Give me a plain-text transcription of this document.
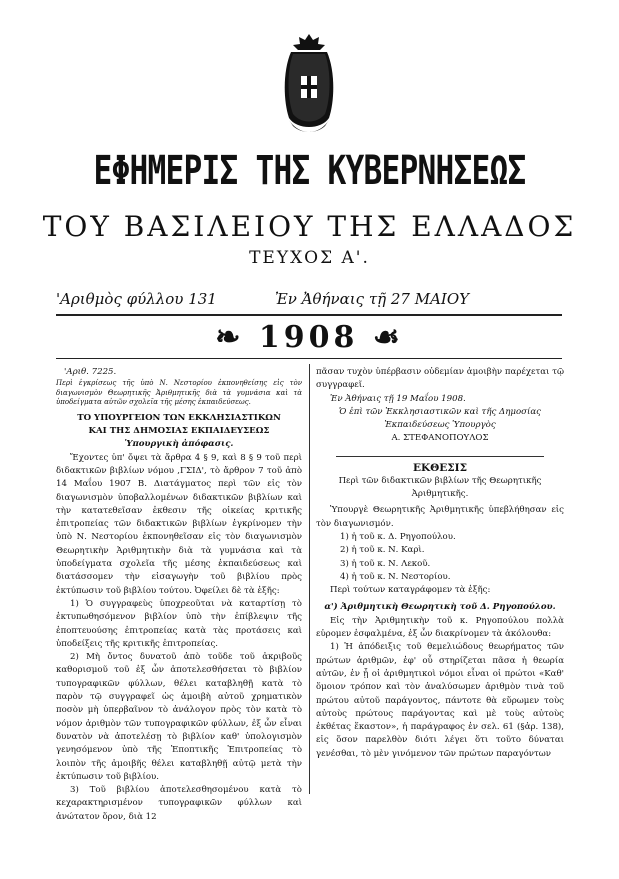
ΕΦΗΜΕΡΙΣ ΤΗΣ ΚΥΒΕΡΝΗΣΕΩΣ
ΤΟΥ ΒΑΣΙΛΕΙΟΥ ΤΗΣ ΕΛΛΑΔΟΣ
ΤΕΥΧΟΣ Α'.
'Αριθμὸς φύλλου 131	Ἐν Ἀθήναις τῇ 27 ΜΑΙΟΥ
❧ 1908 ☙

'Αριθ. 7225.

Περὶ ἐγκρίσεως τῆς ὑπὸ Ν. Νεστορίου ἐκπονηθείσης εἰς τὸν διαγωνισμὸν Θεωρητικῆς Ἀριθμητικῆς διὰ τὰ γυμνάσια καὶ τὰ ὑποδείγματα αὐτῶν σχολεῖα τῆς μέσης ἐκπαιδεύσεως.

ΤΟ ΥΠΟΥΡΓΕΙΟΝ ΤΩΝ ΕΚΚΛΗΣΙΑΣΤΙΚΩΝ

ΚΑΙ ΤΗΣ ΔΗΜΟΣΙΑΣ ΕΚΠΑΙΔΕΥΣΕΩΣ

Ὑπουργικὴ ἀπόφασις.

Ἔχοντες ὑπ' ὄψει τὰ ἄρθρα 4 § 9, καὶ 8 § 9 τοῦ περὶ διδακτικῶν βιβλίων νόμου ,ΓΣΙΔ', τὸ ἄρθρον 7 τοῦ ἀπὸ 14 Μαΐου 1907 Β. Διατάγματος περὶ τῶν εἰς τὸν διαγωνισμὸν ὑποβαλλομένων διδακτικῶν βιβλίων καὶ τὴν κατατεθεῖσαν ἐκθεσιν τῆς οἰκείας κριτικῆς ἐπιτροπείας τῶν διδακτικῶν βιβλίων ἐγκρίνομεν τὴν ὑπὸ Ν. Νεστορίου ἐκπονηθεῖσαν εἰς τὸν διαγωνισμὸν Θεωρητικὴν Ἀριθμητικὴν διὰ τὰ γυμνάσια καὶ τὰ ὑποδείγματα σχολεῖα τῆς μέσης ἐκπαιδεύσεως καὶ διατάσσομεν τὴν εἰσαγωγὴν τοῦ βιβλίου πρὸς ἐκτύπωσιν τοῦ βιβλίου τούτου. Ὀφείλει δὲ τὰ ἑξῆς:

1) Ὁ συγγραφεὺς ὑποχρεοῦται νὰ καταρτίσῃ τὸ ἐκτυπωθησόμενον βιβλίον ὑπὸ τὴν ἐπίβλεψιν τῆς ἐποπτευούσης ἐπιτροπείας κατὰ τὰς προτάσεις καὶ ὑποδείξεις τῆς κριτικῆς ἐπιτροπείας.

2) Μὴ ὄντος δυνατοῦ ἀπὸ τοῦδε τοῦ ἀκριβοῦς καθορισμοῦ τοῦ ἐξ ὧν ἀποτελεσθήσεται τὸ βιβλίον τυπογραφικῶν φύλλων, θέλει καταβληθῇ κατὰ τὸ παρὸν τῷ συγγραφεῖ ὡς ἀμοιβὴ αὐτοῦ χρηματικὸν ποσὸν μὴ ὑπερβαῖνον τὸ ἀνάλογον πρὸς τὸν κατὰ τὸ νόμον ἀριθμὸν τῶν τυπογραφικῶν φύλλων, ἐξ ὧν εἶναι δυνατὸν νὰ ἀποτελέσῃ τὸ βιβλίον καθ' ὑπολογισμὸν γενησόμενον ὑπὸ τῆς Ἐποπτικῆς Ἐπιτροπείας τὸ λοιπὸν τῆς ἀμοιβῆς θέλει καταβληθῇ αὐτῷ μετὰ τὴν ἐκτύπωσιν τοῦ βιβλίου.

3) Τοῦ βιβλίου ἀποτελεσθησομένου κατὰ τὸ κεχαρακτηρισμένον τυπογραφικῶν φύλλων καὶ ἀνώτατον ὅρον, διὰ 12

πᾶσαν τυχὸν ὑπέρβασιν οὐδεμίαν ἀμοιβὴν παρέχεται τῷ συγγραφεῖ.

Ἐν Ἀθήναις τῇ 19 Μαΐου 1908.

Ὁ ἐπὶ τῶν Ἐκκλησιαστικῶν καὶ τῆς Δημοσίας

Ἐκπαιδεύσεως Ὑπουργὸς

Α. ΣΤΕΦΑΝΟΠΟΥΛΟΣ

ΕΚΘΕΣΙΣ

Περὶ τῶν διδακτικῶν βιβλίων τῆς Θεωρητικῆς

Ἀριθμητικῆς.

Ὑπουργὲ Θεωρητικῆς Ἀριθμητικῆς ὑπεβλήθησαν εἰς τὸν διαγωνισμόν.

1) ἡ τοῦ κ. Δ. Ρηγοπούλου.

2) ἡ τοῦ κ. Ν. Καρὶ.

3) ἡ τοῦ κ. Ν. Λεκοῦ.

4) ἡ τοῦ κ. Ν. Νεστορίου.

Περὶ τούτων καταγράφομεν τὰ ἑξῆς:

α') Ἀριθμητικὴ Θεωρητικὴ τοῦ Δ. Ρηγοπούλου.

Εἰς τὴν Ἀριθμητικὴν τοῦ κ. Ρηγοπούλου πολλὰ εὑρομεν ἐσφαλμένα, ἐξ ὧν διακρίνομεν τὰ ἀκόλουθα:

1) Ἡ ἀπόδειξις τοῦ θεμελιώδους θεωρήματος τῶν πρώτων ἀριθμῶν, ἐφ' οὗ στηρίζεται πᾶσα ἡ θεωρία αὐτῶν, ἐν ᾗ οἱ ἀριθμητικοὶ νόμοι εἶναι οἱ πρώτοι «Καθ' ὅμοιον τρόπον καὶ τὸν ἀναλύσωμεν ἀριθμὸν τινὰ τοῦ πρώτου αὐτοῦ παράγοντος, πάντοτε θὰ εὕρωμεν τοὺς αὐτοὺς πρώτους παράγοντας καὶ μὲ τοὺς αὐτοὺς ἐκθέτας ἕκαστον», ἡ παράγραφος ἐν σελ. 61 (§ἀρ. 138), εἰς ὅσον παρελθὸν διότι λέγει ὅτι τοῦτο δύναται γενέσθαι, τὸ μὲν γινόμενον τῶν πρώτων παραγόντων
